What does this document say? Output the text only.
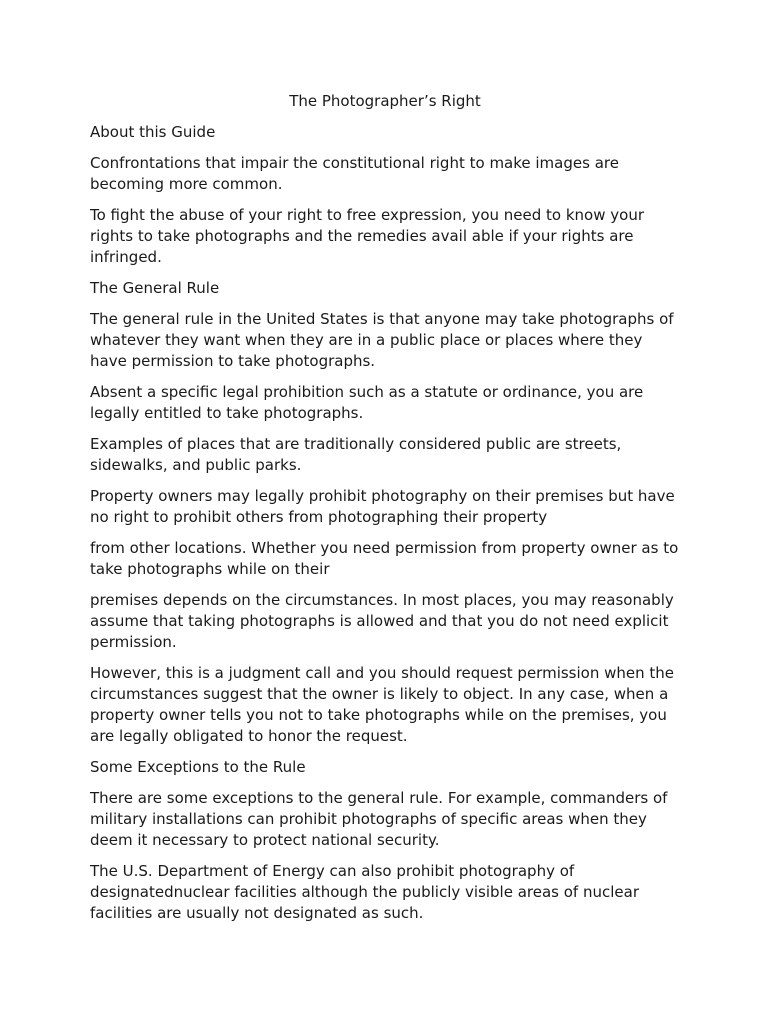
The Photographer’s Right
About this Guide
Confrontations that impair the constitutional right to make images are becoming more common.
To fight the abuse of your right to free expression, you need to know your rights to take photographs and the remedies avail able if your rights are infringed.
The General Rule
The general rule in the United States is that anyone may take photographs of whatever they want when they are in a public place or places where they have permission to take photographs.
Absent a specific legal prohibition such as a statute or ordinance, you are legally entitled to take photographs.
Examples of places that are traditionally considered public are streets, sidewalks, and public parks.
Property owners may legally prohibit photography on their premises but have no right to prohibit others from photographing their property
from other locations. Whether you need permission from property owner as to take photographs while on their
premises depends on the circumstances. In most places, you may reasonably assume that taking photographs is allowed and that you do not need explicit permission.
However, this is a judgment call and you should request permission when the circumstances suggest that the owner is likely to object. In any case, when a property owner tells you not to take photographs while on the premises, you are legally obligated to honor the request.
Some Exceptions to the Rule
There are some exceptions to the general rule. For example, commanders of military installations can prohibit photographs of specific areas when they deem it necessary to protect national security.
The U.S. Department of Energy can also prohibit photography of designatednuclear facilities although the publicly visible areas of nuclear facilities are usually not designated as such.
